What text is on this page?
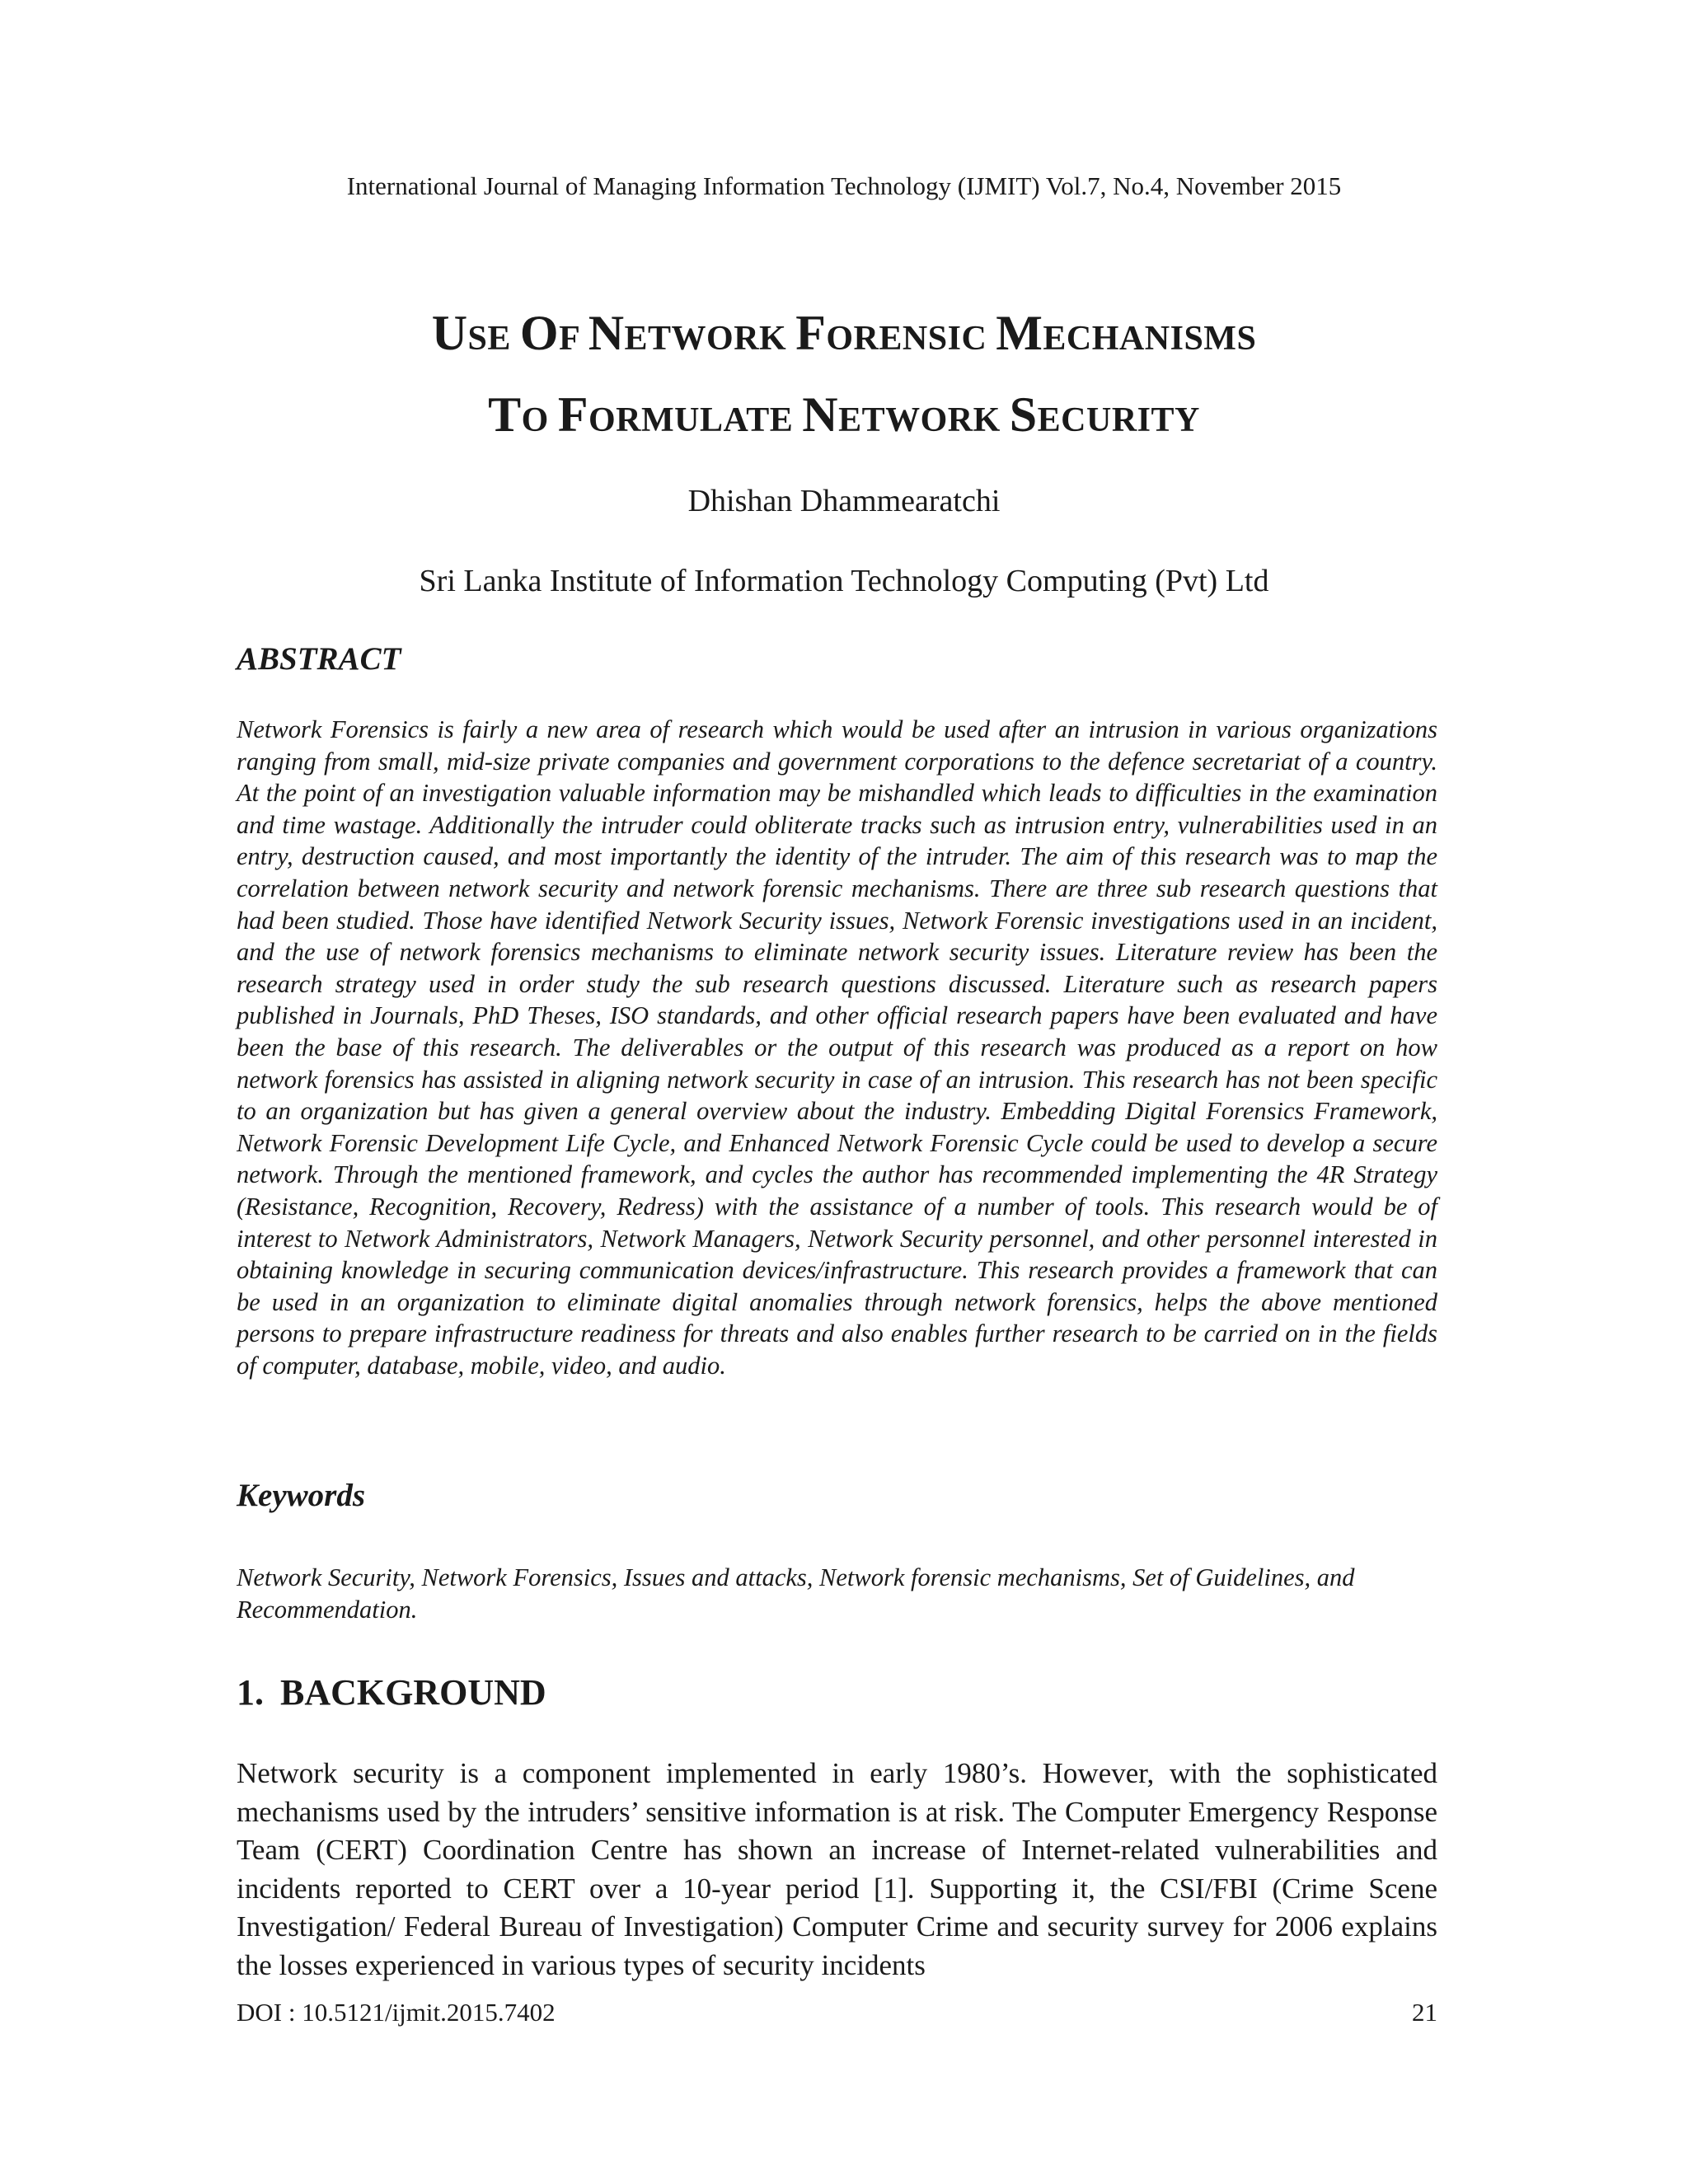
International Journal of Managing Information Technology (IJMIT) Vol.7, No.4, November 2015
USE OF NETWORK FORENSIC MECHANISMS
TO FORMULATE NETWORK SECURITY
Dhishan Dhammearatchi
Sri Lanka Institute of Information Technology Computing (Pvt) Ltd
ABSTRACT

Network Forensics is fairly a new area of research which would be used after an intrusion in various organizations ranging from small, mid-size private companies and government corporations to the defence secretariat of a country. At the point of an investigation valuable information may be mishandled which leads to difficulties in the examination and time wastage. Additionally the intruder could obliterate tracks such as intrusion entry, vulnerabilities used in an entry, destruction caused, and most importantly the identity of the intruder. The aim of this research was to map the correlation between network security and network forensic mechanisms. There are three sub research questions that had been studied. Those have identified Network Security issues, Network Forensic investigations used in an incident, and the use of network forensics mechanisms to eliminate network security issues. Literature review has been the research strategy used in order study the sub research questions discussed. Literature such as research papers published in Journals, PhD Theses, ISO standards, and other official research papers have been evaluated and have been the base of this research. The deliverables or the output of this research was produced as a report on how network forensics has assisted in aligning network security in case of an intrusion. This research has not been specific to an organization but has given a general overview about the industry. Embedding Digital Forensics Framework, Network Forensic Development Life Cycle, and Enhanced Network Forensic Cycle could be used to develop a secure network. Through the mentioned framework, and cycles the author has recommended implementing the 4R Strategy (Resistance, Recognition, Recovery, Redress) with the assistance of a number of tools. This research would be of interest to Network Administrators, Network Managers, Network Security personnel, and other personnel interested in obtaining knowledge in securing communication devices/infrastructure. This research provides a framework that can be used in an organization to eliminate digital anomalies through network forensics, helps the above mentioned persons to prepare infrastructure readiness for threats and also enables further research to be carried on in the fields of computer, database, mobile, video, and audio.

Keywords

Network Security, Network Forensics, Issues and attacks, Network forensic mechanisms, Set of Guidelines, and Recommendation.

1. BACKGROUND

Network security is a component implemented in early 1980’s. However, with the sophisticated mechanisms used by the intruders’ sensitive information is at risk. The Computer Emergency Response Team (CERT) Coordination Centre has shown an increase of Internet-related vulnerabilities and incidents reported to CERT over a 10-year period [1]. Supporting it, the CSI/FBI (Crime Scene Investigation/ Federal Bureau of Investigation) Computer Crime and security survey for 2006 explains the losses experienced in various types of security incidents

DOI : 10.5121/ijmit.2015.7402	21
